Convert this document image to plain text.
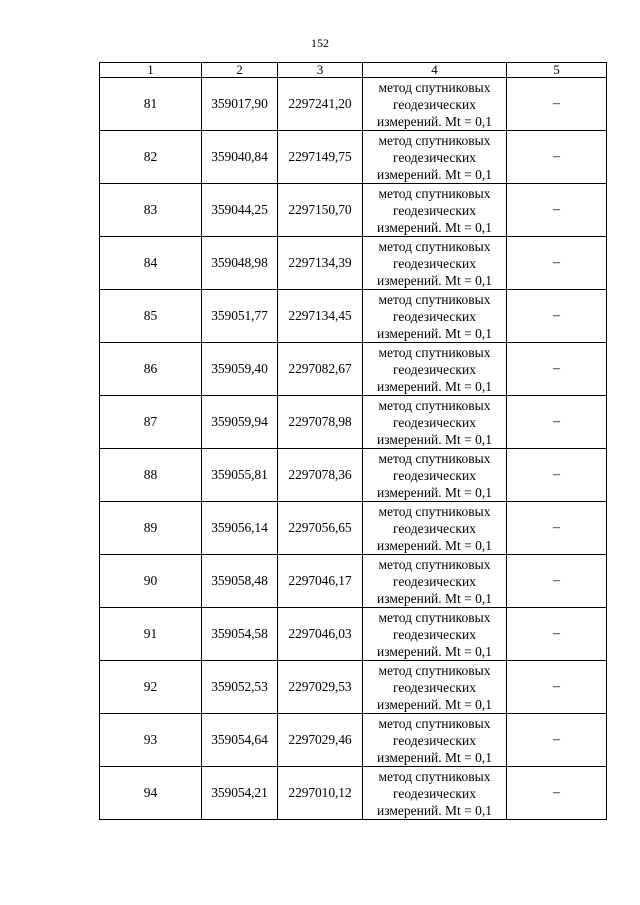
152
1	2	3	4	5
81	359017,90	2297241,20	метод спутниковых
геодезических
измерений. Mt = 0,1	–
82	359040,84	2297149,75	метод спутниковых
геодезических
измерений. Mt = 0,1	–
83	359044,25	2297150,70	метод спутниковых
геодезических
измерений. Mt = 0,1	–
84	359048,98	2297134,39	метод спутниковых
геодезических
измерений. Mt = 0,1	–
85	359051,77	2297134,45	метод спутниковых
геодезических
измерений. Mt = 0,1	–
86	359059,40	2297082,67	метод спутниковых
геодезических
измерений. Mt = 0,1	–
87	359059,94	2297078,98	метод спутниковых
геодезических
измерений. Mt = 0,1	–
88	359055,81	2297078,36	метод спутниковых
геодезических
измерений. Mt = 0,1	–
89	359056,14	2297056,65	метод спутниковых
геодезических
измерений. Mt = 0,1	–
90	359058,48	2297046,17	метод спутниковых
геодезических
измерений. Mt = 0,1	–
91	359054,58	2297046,03	метод спутниковых
геодезических
измерений. Mt = 0,1	–
92	359052,53	2297029,53	метод спутниковых
геодезических
измерений. Mt = 0,1	–
93	359054,64	2297029,46	метод спутниковых
геодезических
измерений. Mt = 0,1	–
94	359054,21	2297010,12	метод спутниковых
геодезических
измерений. Mt = 0,1	–
